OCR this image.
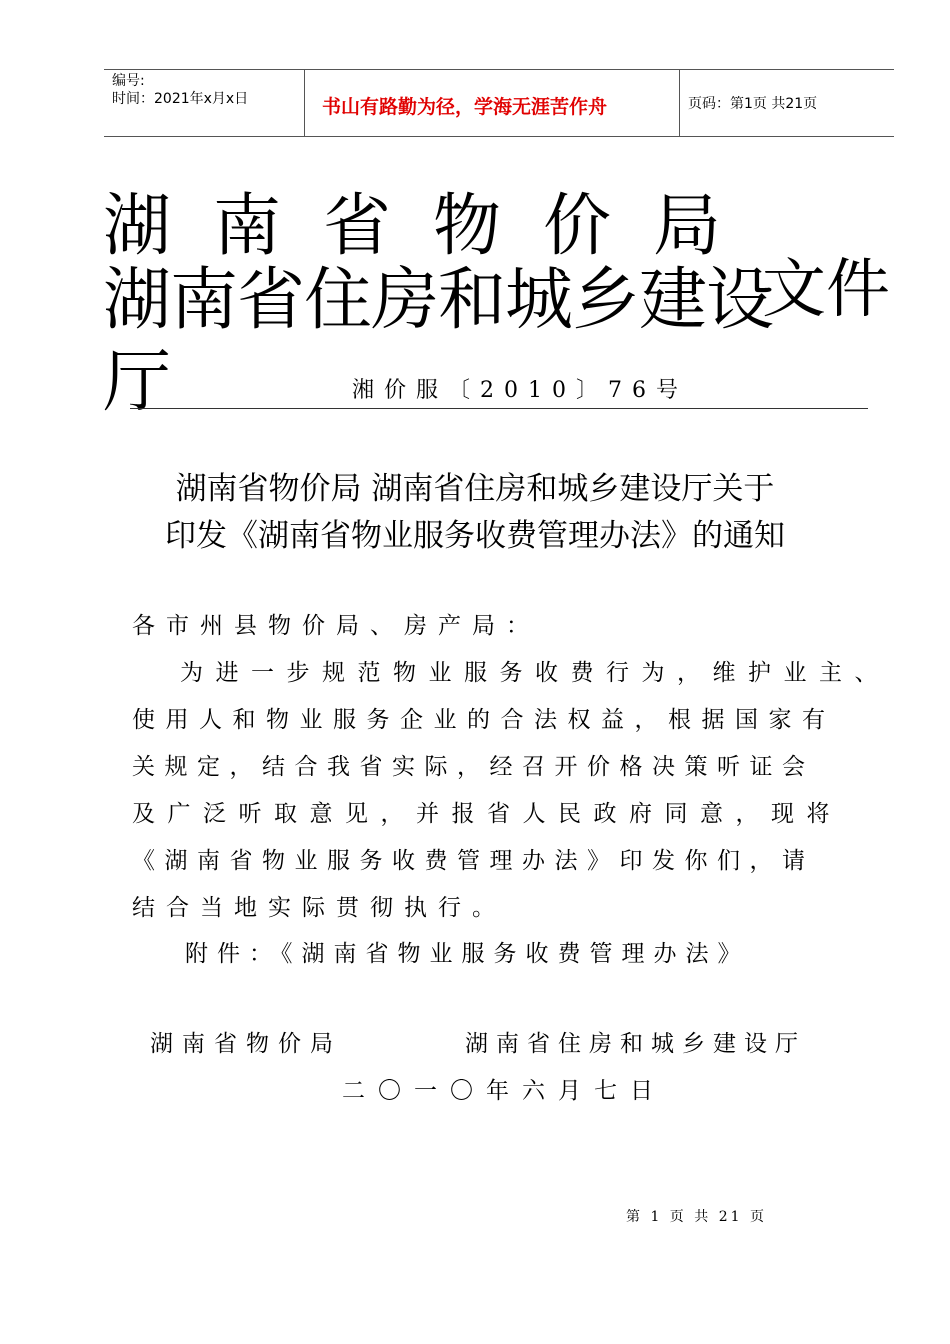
编号:
时间：2021年x月x日	书山有路勤为径，学海无涯苦作舟	页码：第1页 共21页
湖南省物价局
湖南省住房和城乡建设
厅
文件
湘价服〔2010〕76号
湖南省物价局 湖南省住房和城乡建设厅关于
印发《湖南省物业服务收费管理办法》的通知
各市州县物价局、房产局：
为进一步规范物业服务收费行为，维护业主、
使用人和物业服务企业的合法权益，根据国家有
关规定，结合我省实际，经召开价格决策听证会
及广泛听取意见，并报省人民政府同意，现将
《湖南省物业服务收费管理办法》印发你们，请
结合当地实际贯彻执行。
附件：《湖南省物业服务收费管理办法》
湖南省物价局	湖南省住房和城乡建设厅
二〇一〇年六月七日
第 1 页 共 21 页
